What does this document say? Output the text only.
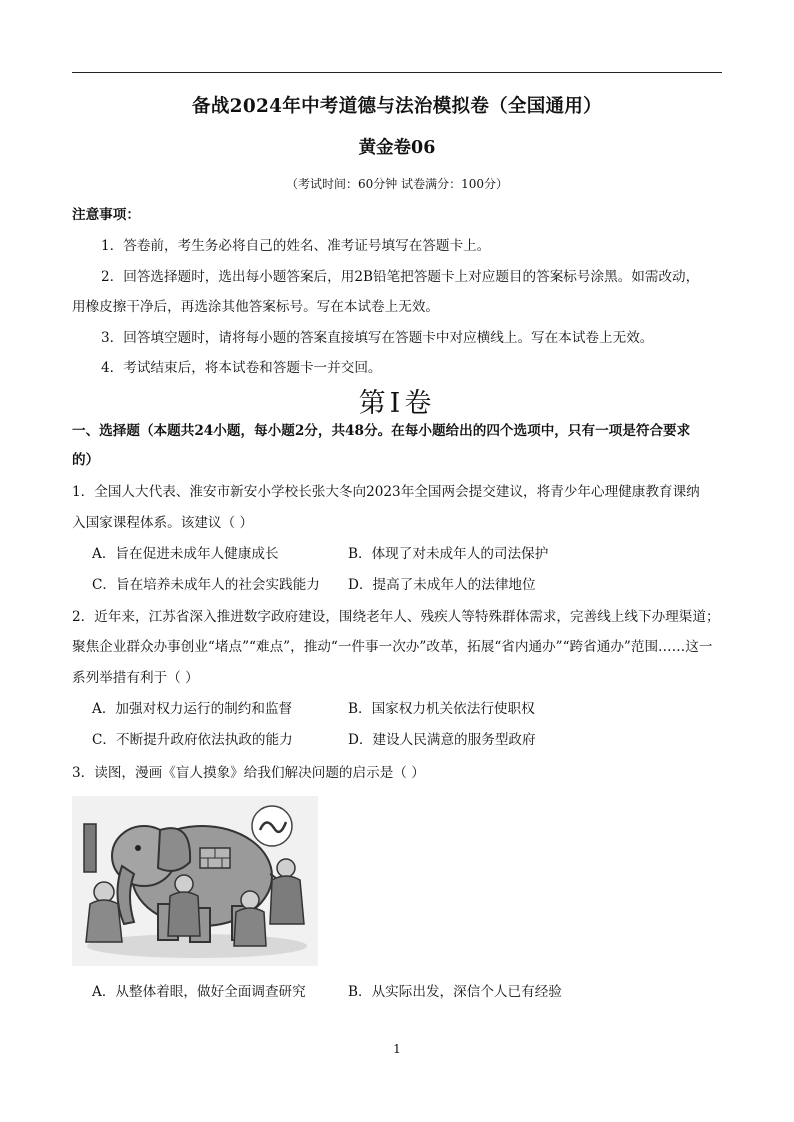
备战2024年中考道德与法治模拟卷（全国通用）
黄金卷06
（考试时间：60分钟 试卷满分：100分）
注意事项：
1．答卷前，考生务必将自己的姓名、准考证号填写在答题卡上。
2．回答选择题时，选出每小题答案后，用2B铅笔把答题卡上对应题目的答案标号涂黑。如需改动，
用橡皮擦干净后，再选涂其他答案标号。写在本试卷上无效。
3．回答填空题时，请将每小题的答案直接填写在答题卡中对应横线上。写在本试卷上无效。
4．考试结束后，将本试卷和答题卡一并交回。
第Ⅰ卷
一、选择题（本题共24小题，每小题2分，共48分。在每小题给出的四个选项中，只有一项是符合要求
的）
1．全国人大代表、淮安市新安小学校长张大冬向2023年全国两会提交建议，将青少年心理健康教育课纳
入国家课程体系。该建议（ ）
A．旨在促进未成年人健康成长	B．体现了对未成年人的司法保护
C．旨在培养未成年人的社会实践能力 D．提高了未成年人的法律地位
2．近年来，江苏省深入推进数字政府建设，围绕老年人、残疾人等特殊群体需求，完善线上线下办理渠道；
聚焦企业群众办事创业“堵点”“难点”，推动“一件事一次办”改革，拓展“省内通办”“跨省通办”范围……这一
系列举措有利于（ ）
A．加强对权力运行的制约和监督	B．国家权力机关依法行使职权
C．不断提升政府依法执政的能力	D．建设人民满意的服务型政府
3．读图，漫画《盲人摸象》给我们解决问题的启示是（ ）
A．从整体着眼，做好全面调查研究	B．从实际出发，深信个人已有经验
1
